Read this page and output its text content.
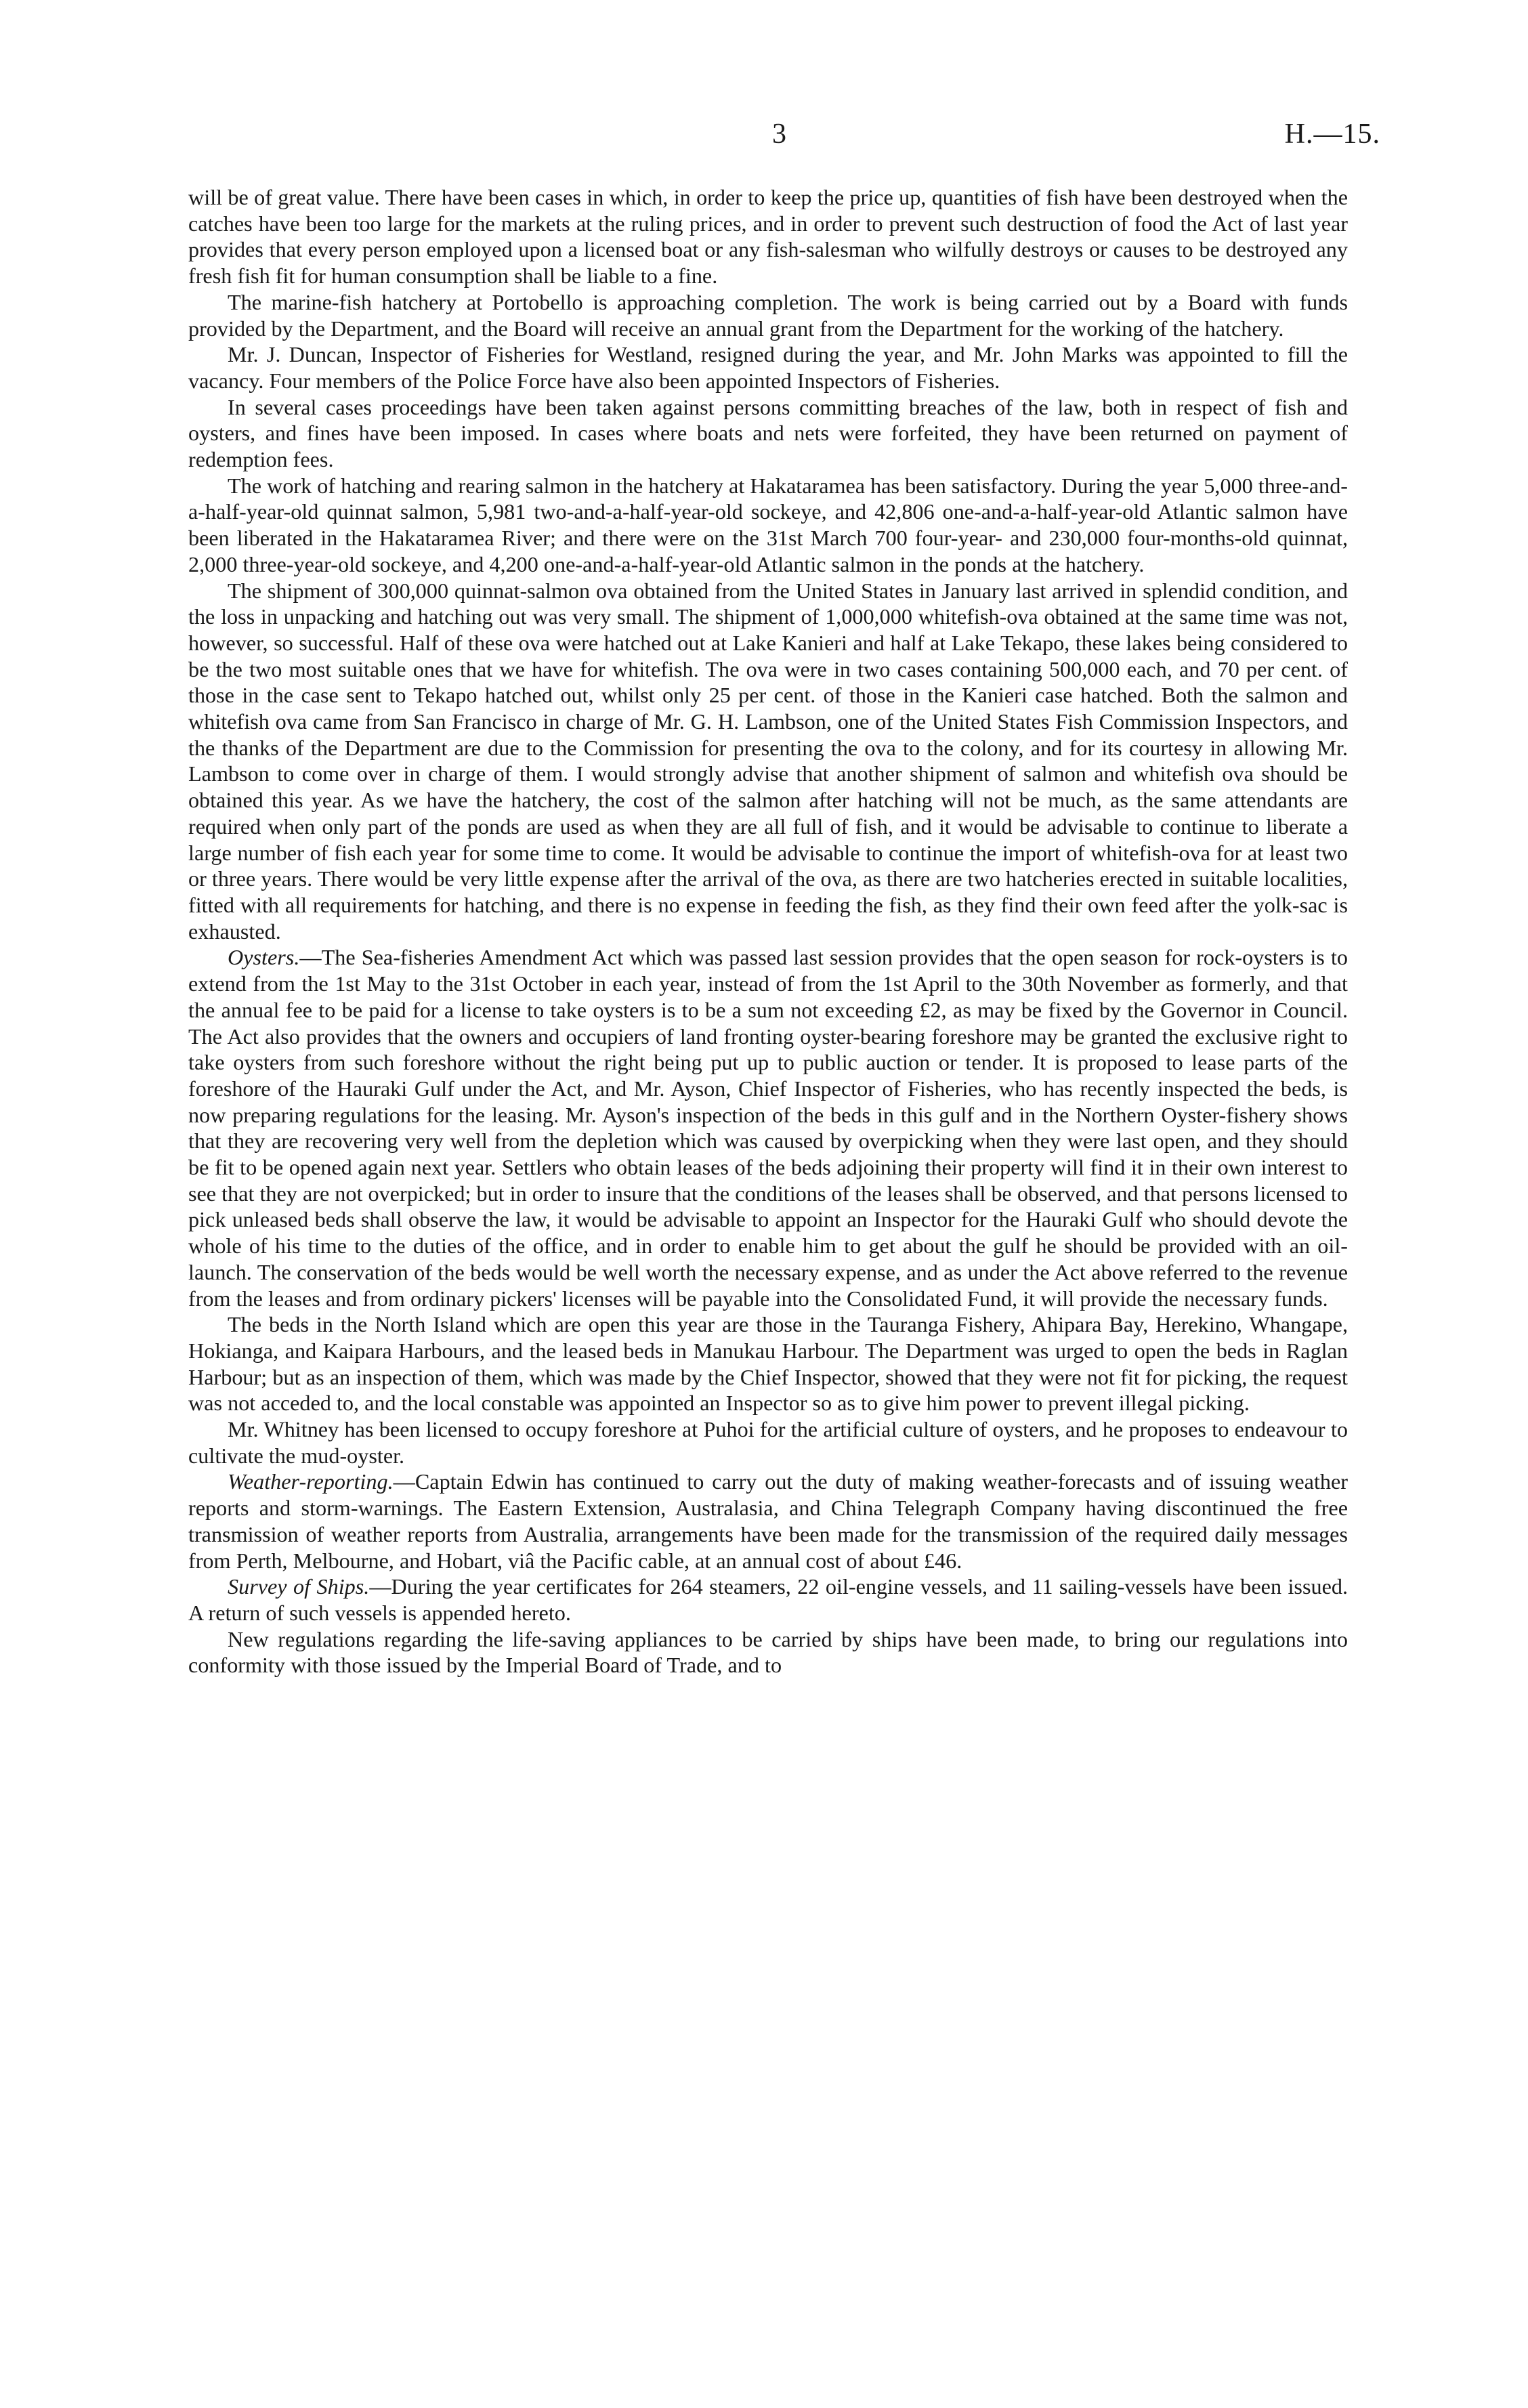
3	H.—15.

will be of great value. There have been cases in which, in order to keep the price up, quantities of fish have been destroyed when the catches have been too large for the markets at the ruling prices, and in order to prevent such destruction of food the Act of last year provides that every person employed upon a licensed boat or any fish-salesman who wilfully destroys or causes to be destroyed any fresh fish fit for human consumption shall be liable to a fine.

The marine-fish hatchery at Portobello is approaching completion. The work is being carried out by a Board with funds provided by the Department, and the Board will receive an annual grant from the Department for the working of the hatchery.

Mr. J. Duncan, Inspector of Fisheries for Westland, resigned during the year, and Mr. John Marks was appointed to fill the vacancy. Four members of the Police Force have also been appointed Inspectors of Fisheries.

In several cases proceedings have been taken against persons committing breaches of the law, both in respect of fish and oysters, and fines have been imposed. In cases where boats and nets were forfeited, they have been returned on payment of redemption fees.

The work of hatching and rearing salmon in the hatchery at Hakataramea has been satisfactory. During the year 5,000 three-and-a-half-year-old quinnat salmon, 5,981 two-and-a-half-year-old sockeye, and 42,806 one-and-a-half-year-old Atlantic salmon have been liberated in the Hakataramea River; and there were on the 31st March 700 four-year- and 230,000 four-months-old quinnat, 2,000 three-year-old sockeye, and 4,200 one-and-a-half-year-old Atlantic salmon in the ponds at the hatchery.

The shipment of 300,000 quinnat-salmon ova obtained from the United States in January last arrived in splendid condition, and the loss in unpacking and hatching out was very small. The shipment of 1,000,000 whitefish-ova obtained at the same time was not, however, so successful. Half of these ova were hatched out at Lake Kanieri and half at Lake Tekapo, these lakes being considered to be the two most suitable ones that we have for whitefish. The ova were in two cases containing 500,000 each, and 70 per cent. of those in the case sent to Tekapo hatched out, whilst only 25 per cent. of those in the Kanieri case hatched. Both the salmon and whitefish ova came from San Francisco in charge of Mr. G. H. Lambson, one of the United States Fish Commission Inspectors, and the thanks of the Department are due to the Commission for presenting the ova to the colony, and for its courtesy in allowing Mr. Lambson to come over in charge of them. I would strongly advise that another shipment of salmon and whitefish ova should be obtained this year. As we have the hatchery, the cost of the salmon after hatching will not be much, as the same attendants are required when only part of the ponds are used as when they are all full of fish, and it would be advisable to continue to liberate a large number of fish each year for some time to come. It would be advisable to continue the import of whitefish-ova for at least two or three years. There would be very little expense after the arrival of the ova, as there are two hatcheries erected in suitable localities, fitted with all requirements for hatching, and there is no expense in feeding the fish, as they find their own feed after the yolk-sac is exhausted.

Oysters.—The Sea-fisheries Amendment Act which was passed last session provides that the open season for rock-oysters is to extend from the 1st May to the 31st October in each year, instead of from the 1st April to the 30th November as formerly, and that the annual fee to be paid for a license to take oysters is to be a sum not exceeding £2, as may be fixed by the Governor in Council. The Act also provides that the owners and occupiers of land fronting oyster-bearing foreshore may be granted the exclusive right to take oysters from such foreshore without the right being put up to public auction or tender. It is proposed to lease parts of the foreshore of the Hauraki Gulf under the Act, and Mr. Ayson, Chief Inspector of Fisheries, who has recently inspected the beds, is now preparing regulations for the leasing. Mr. Ayson's inspection of the beds in this gulf and in the Northern Oyster-fishery shows that they are recovering very well from the depletion which was caused by overpicking when they were last open, and they should be fit to be opened again next year. Settlers who obtain leases of the beds adjoining their property will find it in their own interest to see that they are not overpicked; but in order to insure that the conditions of the leases shall be observed, and that persons licensed to pick unleased beds shall observe the law, it would be advisable to appoint an Inspector for the Hauraki Gulf who should devote the whole of his time to the duties of the office, and in order to enable him to get about the gulf he should be provided with an oil-launch. The conservation of the beds would be well worth the necessary expense, and as under the Act above referred to the revenue from the leases and from ordinary pickers' licenses will be payable into the Consolidated Fund, it will provide the necessary funds.

The beds in the North Island which are open this year are those in the Tauranga Fishery, Ahipara Bay, Herekino, Whangape, Hokianga, and Kaipara Harbours, and the leased beds in Manukau Harbour. The Department was urged to open the beds in Raglan Harbour; but as an inspection of them, which was made by the Chief Inspector, showed that they were not fit for picking, the request was not acceded to, and the local constable was appointed an Inspector so as to give him power to prevent illegal picking.

Mr. Whitney has been licensed to occupy foreshore at Puhoi for the artificial culture of oysters, and he proposes to endeavour to cultivate the mud-oyster.

Weather-reporting.—Captain Edwin has continued to carry out the duty of making weather-forecasts and of issuing weather reports and storm-warnings. The Eastern Extension, Australasia, and China Telegraph Company having discontinued the free transmission of weather reports from Australia, arrangements have been made for the transmission of the required daily messages from Perth, Melbourne, and Hobart, viâ the Pacific cable, at an annual cost of about £46.

Survey of Ships.—During the year certificates for 264 steamers, 22 oil-engine vessels, and 11 sailing-vessels have been issued. A return of such vessels is appended hereto.

New regulations regarding the life-saving appliances to be carried by ships have been made, to bring our regulations into conformity with those issued by the Imperial Board of Trade, and to
